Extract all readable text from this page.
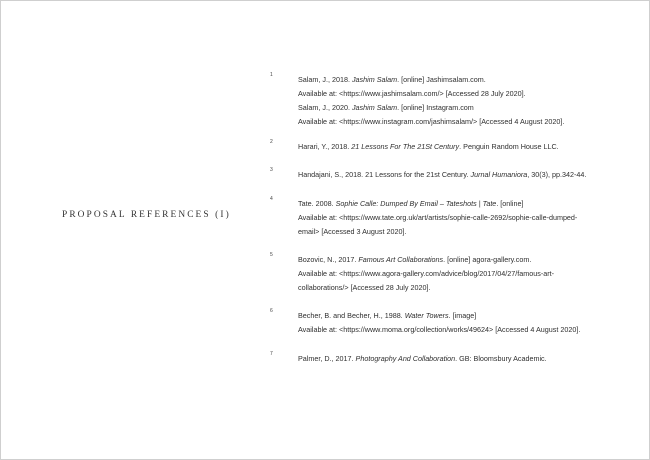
PROPOSAL REFERENCES (I)
1	Salam, J., 2018. Jashim Salam. [online] Jashimsalam.com.
Available at: <https://www.jashimsalam.com/> [Accessed 28 July 2020].
Salam, J., 2020. Jashim Salam. [online] Instagram.com
Available at: <https://www.instagram.com/jashimsalam/> [Accessed 4 August 2020].
2	Harari, Y., 2018. 21 Lessons For The 21St Century. Penguin Random House LLC.
3	Handajani, S., 2018. 21 Lessons for the 21st Century. Jurnal Humaniora, 30(3), pp.342-44.
4	Tate. 2008. Sophie Calle: Dumped By Email – Tateshots | Tate. [online]
Available at: <https://www.tate.org.uk/art/artists/sophie-calle-2692/sophie-calle-dumped-
email> [Accessed 3 August 2020].
5	Bozovic, N., 2017. Famous Art Collaborations. [online] agora-gallery.com.
Available at: <https://www.agora-gallery.com/advice/blog/2017/04/27/famous-art-
collaborations/> [Accessed 28 July 2020].
6	Becher, B. and Becher, H., 1988. Water Towers. [image]
Available at: <https://www.moma.org/collection/works/49624> [Accessed 4 August 2020].
7	Palmer, D., 2017. Photography And Collaboration. GB: Bloomsbury Academic.
